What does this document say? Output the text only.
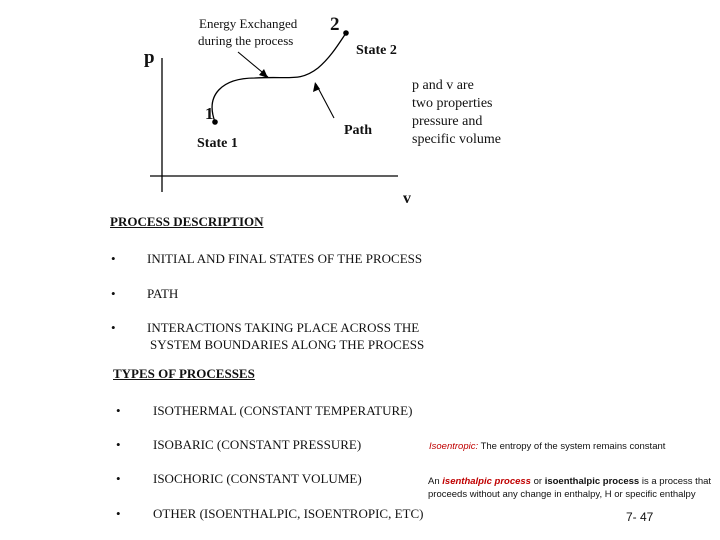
p
v
Energy Exchanged
during the process
2
State 2
1
State 1
Path
p and v are
two properties
pressure and
specific volume
PROCESS DESCRIPTION
• INITIAL AND FINAL STATES OF THE PROCESS
• PATH
• INTERACTIONS TAKING PLACE ACROSS THE
SYSTEM BOUNDARIES ALONG THE PROCESS
TYPES OF PROCESSES
• ISOTHERMAL (CONSTANT TEMPERATURE)
• ISOBARIC (CONSTANT PRESSURE)
• ISOCHORIC (CONSTANT VOLUME)
• OTHER (ISOENTHALPIC, ISOENTROPIC, ETC)
Isoentropic: The entropy of the system remains constant
An isenthalpic process or isoenthalpic process is a process that
proceeds without any change in enthalpy, H or specific enthalpy
7- 47
